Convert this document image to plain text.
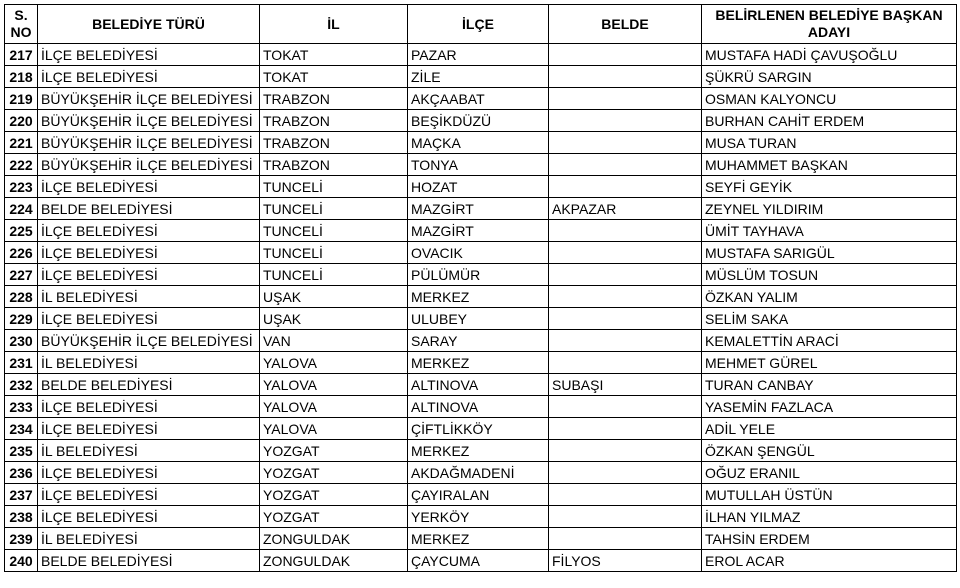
S. NO	BELEDİYE TÜRÜ	İL	İLÇE	BELDE	BELİRLENEN BELEDİYE BAŞKAN ADAYI
217	İLÇE BELEDİYESİ	TOKAT	PAZAR		MUSTAFA HADİ ÇAVUŞOĞLU
218	İLÇE BELEDİYESİ	TOKAT	ZİLE		ŞÜKRÜ SARGIN
219	BÜYÜKŞEHİR İLÇE BELEDİYESİ	TRABZON	AKÇAABAT		OSMAN KALYONCU
220	BÜYÜKŞEHİR İLÇE BELEDİYESİ	TRABZON	BEŞİKDÜZÜ		BURHAN CAHİT ERDEM
221	BÜYÜKŞEHİR İLÇE BELEDİYESİ	TRABZON	MAÇKA		MUSA TURAN
222	BÜYÜKŞEHİR İLÇE BELEDİYESİ	TRABZON	TONYA		MUHAMMET BAŞKAN
223	İLÇE BELEDİYESİ	TUNCELİ	HOZAT		SEYFİ GEYİK
224	BELDE BELEDİYESİ	TUNCELİ	MAZGİRT	AKPAZAR	ZEYNEL YILDIRIM
225	İLÇE BELEDİYESİ	TUNCELİ	MAZGİRT		ÜMİT TAYHAVA
226	İLÇE BELEDİYESİ	TUNCELİ	OVACIK		MUSTAFA SARIGÜL
227	İLÇE BELEDİYESİ	TUNCELİ	PÜLÜMÜR		MÜSLÜM TOSUN
228	İL BELEDİYESİ	UŞAK	MERKEZ		ÖZKAN YALIM
229	İLÇE BELEDİYESİ	UŞAK	ULUBEY		SELİM SAKA
230	BÜYÜKŞEHİR İLÇE BELEDİYESİ	VAN	SARAY		KEMALETTİN ARACİ
231	İL BELEDİYESİ	YALOVA	MERKEZ		MEHMET GÜREL
232	BELDE BELEDİYESİ	YALOVA	ALTINOVA	SUBAŞI	TURAN CANBAY
233	İLÇE BELEDİYESİ	YALOVA	ALTINOVA		YASEMİN FAZLACA
234	İLÇE BELEDİYESİ	YALOVA	ÇİFTLİKKÖY		ADİL YELE
235	İL BELEDİYESİ	YOZGAT	MERKEZ		ÖZKAN ŞENGÜL
236	İLÇE BELEDİYESİ	YOZGAT	AKDAĞMADENİ		OĞUZ ERANIL
237	İLÇE BELEDİYESİ	YOZGAT	ÇAYIRALAN		MUTULLAH ÜSTÜN
238	İLÇE BELEDİYESİ	YOZGAT	YERKÖY		İLHAN YILMAZ
239	İL BELEDİYESİ	ZONGULDAK	MERKEZ		TAHSİN ERDEM
240	BELDE BELEDİYESİ	ZONGULDAK	ÇAYCUMA	FİLYOS	EROL ACAR
